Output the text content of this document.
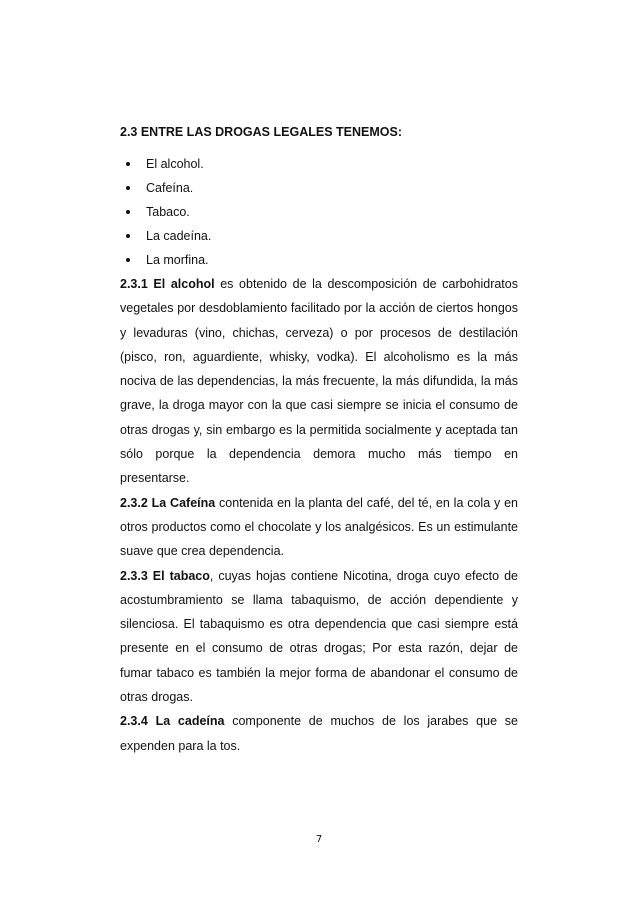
2.3 ENTRE LAS DROGAS LEGALES TENEMOS:
El alcohol.
Cafeína.
Tabaco.
La cadeína.
La morfina.

2.3.1 El alcohol es obtenido de la descomposición de carbohidratos vegetales por desdoblamiento facilitado por la acción de ciertos hongos y levaduras (vino, chichas, cerveza) o por procesos de destilación (pisco, ron, aguardiente, whisky, vodka). El alcoholismo es la más nociva de las dependencias, la más frecuente, la más difundida, la más grave, la droga mayor con la que casi siempre se inicia el consumo de otras drogas y, sin embargo es la permitida socialmente y aceptada tan sólo porque la dependencia demora mucho más tiempo en presentarse.

2.3.2 La Cafeína contenida en la planta del café, del té, en la cola y en otros productos como el chocolate y los analgésicos. Es un estimulante suave que crea dependencia.

2.3.3 El tabaco, cuyas hojas contiene Nicotina, droga cuyo efecto de acostumbramiento se llama tabaquismo, de acción dependiente y silenciosa. El tabaquismo es otra dependencia que casi siempre está presente en el consumo de otras drogas; Por esta razón, dejar de fumar tabaco es también la mejor forma de abandonar el consumo de otras drogas.

2.3.4 La cadeína componente de muchos de los jarabes que se expenden para la tos.

7
